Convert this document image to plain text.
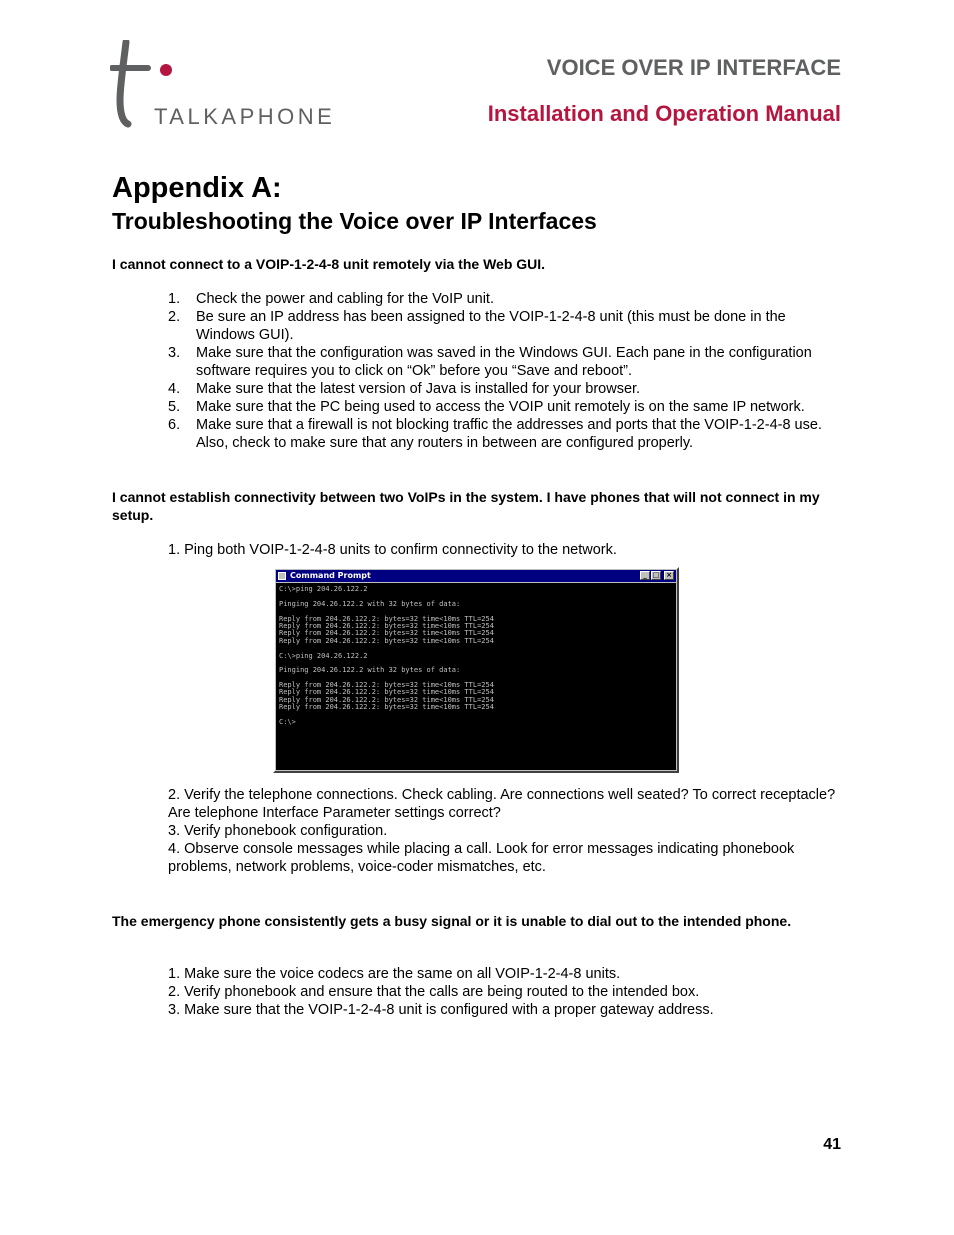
TALKAPHONE
VOICE OVER IP INTERFACE
Installation and Operation Manual
Appendix A:
Troubleshooting the Voice over IP Interfaces
I cannot connect to a VOIP-1-2-4-8 unit remotely via the Web GUI.
1. Check the power and cabling for the VoIP unit.
2. Be sure an IP address has been assigned to the VOIP-1-2-4-8 unit (this must be done in the Windows GUI).
3. Make sure that the configuration was saved in the Windows GUI. Each pane in the configuration software requires you to click on “Ok” before you “Save and reboot”.
4. Make sure that the latest version of Java is installed for your browser.
5. Make sure that the PC being used to access the VOIP unit remotely is on the same IP network.
6. Make sure that a firewall is not blocking traffic the addresses and ports that the VOIP-1-2-4-8 use. Also, check to make sure that any routers in between are configured properly.
I cannot establish connectivity between two VoIPs in the system. I have phones that will not connect in my setup.
1. Ping both VOIP-1-2-4-8 units to confirm connectivity to the network.
Command Prompt	_ □ ×
C:\>ping 204.26.122.2
Pinging 204.26.122.2 with 32 bytes of data:
Reply from 204.26.122.2: bytes=32 time<10ms TTL=254
Reply from 204.26.122.2: bytes=32 time<10ms TTL=254
Reply from 204.26.122.2: bytes=32 time<10ms TTL=254
Reply from 204.26.122.2: bytes=32 time<10ms TTL=254
C:\>ping 204.26.122.2
Pinging 204.26.122.2 with 32 bytes of data:
Reply from 204.26.122.2: bytes=32 time<10ms TTL=254
Reply from 204.26.122.2: bytes=32 time<10ms TTL=254
Reply from 204.26.122.2: bytes=32 time<10ms TTL=254
Reply from 204.26.122.2: bytes=32 time<10ms TTL=254
C:\>
2. Verify the telephone connections. Check cabling. Are connections well seated? To correct receptacle?
Are telephone Interface Parameter settings correct?
3. Verify phonebook configuration.
4. Observe console messages while placing a call. Look for error messages indicating phonebook problems, network problems, voice-coder mismatches, etc.
The emergency phone consistently gets a busy signal or it is unable to dial out to the intended phone.
1. Make sure the voice codecs are the same on all VOIP-1-2-4-8 units.
2. Verify phonebook and ensure that the calls are being routed to the intended box.
3. Make sure that the VOIP-1-2-4-8 unit is configured with a proper gateway address.
41
